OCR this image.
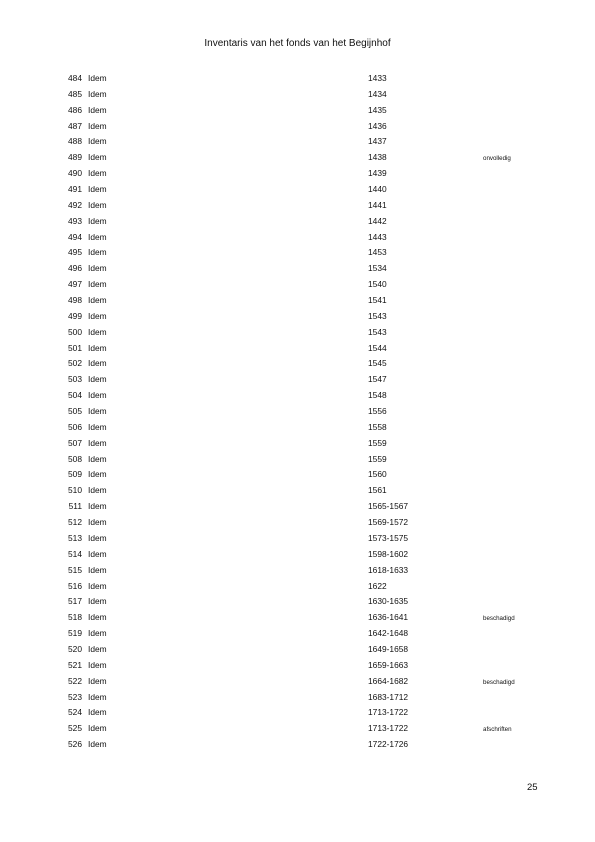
Inventaris van het fonds van het Begijnhof
484 Idem	1433
485 Idem	1434
486 Idem	1435
487 Idem	1436
488 Idem	1437
489 Idem	1438	onvolledig
490 Idem	1439
491 Idem	1440
492 Idem	1441
493 Idem	1442
494 Idem	1443
495 Idem	1453
496 Idem	1534
497 Idem	1540
498 Idem	1541
499 Idem	1543
500 Idem	1543
501 Idem	1544
502 Idem	1545
503 Idem	1547
504 Idem	1548
505 Idem	1556
506 Idem	1558
507 Idem	1559
508 Idem	1559
509 Idem	1560
510 Idem	1561
511 Idem	1565-1567
512 Idem	1569-1572
513 Idem	1573-1575
514 Idem	1598-1602
515 Idem	1618-1633
516 Idem	1622
517 Idem	1630-1635
518 Idem	1636-1641	beschadigd
519 Idem	1642-1648
520 Idem	1649-1658
521 Idem	1659-1663
522 Idem	1664-1682	beschadigd
523 Idem	1683-1712
524 Idem	1713-1722
525 Idem	1713-1722	afschriften
526 Idem	1722-1726
25
